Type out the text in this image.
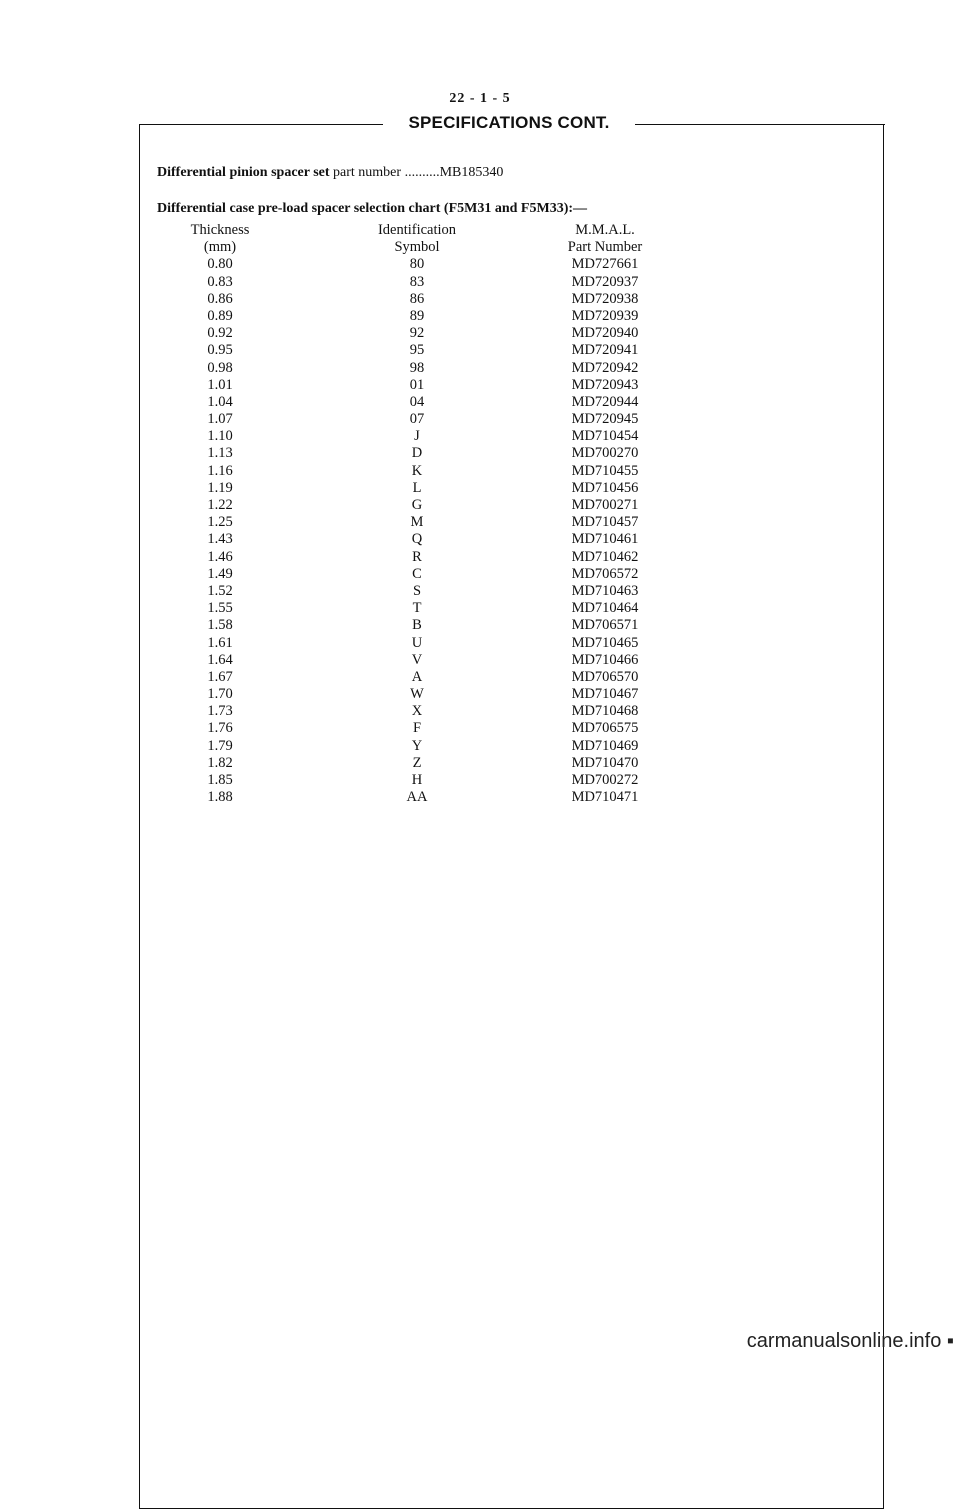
22 - 1 - 5
SPECIFICATIONS CONT.
Differential pinion spacer set part number ..........MB185340
Differential case pre-load spacer selection chart (F5M31 and F5M33):—
Thickness	Identification	M.M.A.L.
(mm)	Symbol	Part Number
0.80	80	MD727661
0.83	83	MD720937
0.86	86	MD720938
0.89	89	MD720939
0.92	92	MD720940
0.95	95	MD720941
0.98	98	MD720942
1.01	01	MD720943
1.04	04	MD720944
1.07	07	MD720945
1.10	J	MD710454
1.13	D	MD700270
1.16	K	MD710455
1.19	L	MD710456
1.22	G	MD700271
1.25	M	MD710457
1.43	Q	MD710461
1.46	R	MD710462
1.49	C	MD706572
1.52	S	MD710463
1.55	T	MD710464
1.58	B	MD706571
1.61	U	MD710465
1.64	V	MD710466
1.67	A	MD706570
1.70	W	MD710467
1.73	X	MD710468
1.76	F	MD706575
1.79	Y	MD710469
1.82	Z	MD710470
1.85	H	MD700272
1.88	AA	MD710471
carmanualsonline.info ▪
